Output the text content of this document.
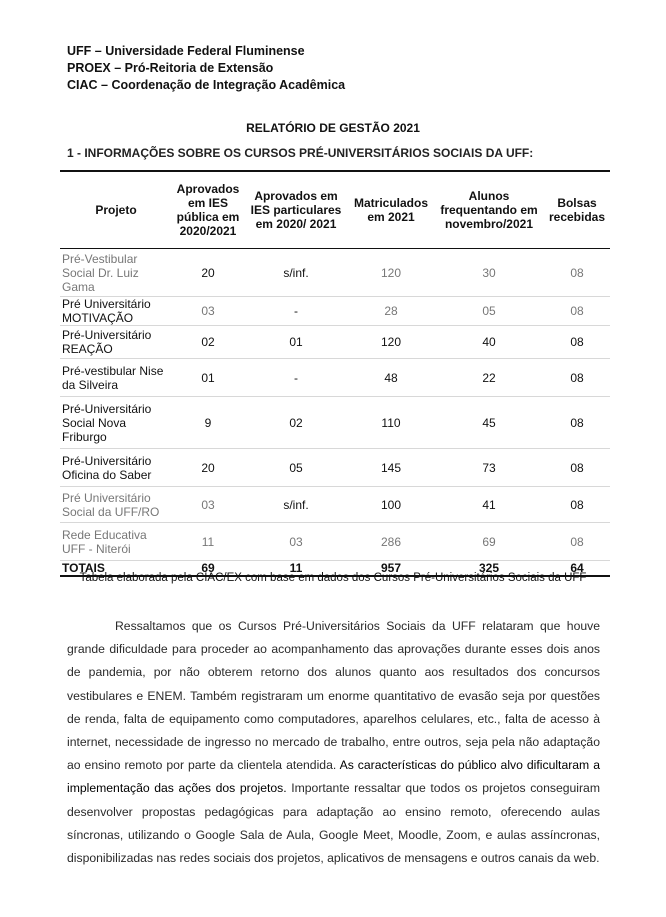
UFF – Universidade Federal Fluminense
PROEX – Pró-Reitoria de Extensão
CIAC – Coordenação de Integração Acadêmica
RELATÓRIO DE GESTÃO 2021
1 - INFORMAÇÕES SOBRE OS CURSOS PRÉ-UNIVERSITÁRIOS SOCIAIS DA UFF:
Projeto	Aprovados em IES pública em 2020/2021	Aprovados em IES particulares em 2020/ 2021	Matriculados em 2021	Alunos frequentando em novembro/2021	Bolsas recebidas
Pré-Vestibular Social Dr. Luiz Gama	20	s/inf.	120	30	08
Pré Universitário MOTIVAÇÃO	03	-	28	05	08
Pré-Universitário REAÇÃO	02	01	120	40	08
Pré-vestibular Nise da Silveira	01	-	48	22	08
Pré-Universitário Social Nova Friburgo	9	02	110	45	08
Pré-Universitário Oficina do Saber	20	05	145	73	08
Pré Universitário Social da UFF/RO	03	s/inf.	100	41	08
Rede Educativa UFF - Niterói	11	03	286	69	08
TOTAIS	69	11	957	325	64
Tabela elaborada pela CIAC/EX com base em dados dos Cursos Pré-Universitários Sociais da UFF
Ressaltamos que os Cursos Pré-Universitários Sociais da UFF relataram que houve grande dificuldade para proceder ao acompanhamento das aprovações durante esses dois anos de pandemia, por não obterem retorno dos alunos quanto aos resultados dos concursos vestibulares e ENEM. Também registraram um enorme quantitativo de evasão seja por questões de renda, falta de equipamento como computadores, aparelhos celulares, etc., falta de acesso à internet, necessidade de ingresso no mercado de trabalho, entre outros, seja pela não adaptação ao ensino remoto por parte da clientela atendida. As características do público alvo dificultaram a implementação das ações dos projetos. Importante ressaltar que todos os projetos conseguiram desenvolver propostas pedagógicas para adaptação ao ensino remoto, oferecendo aulas síncronas, utilizando o Google Sala de Aula, Google Meet, Moodle, Zoom, e aulas assíncronas, disponibilizadas nas redes sociais dos projetos, aplicativos de mensagens e outros canais da web.
